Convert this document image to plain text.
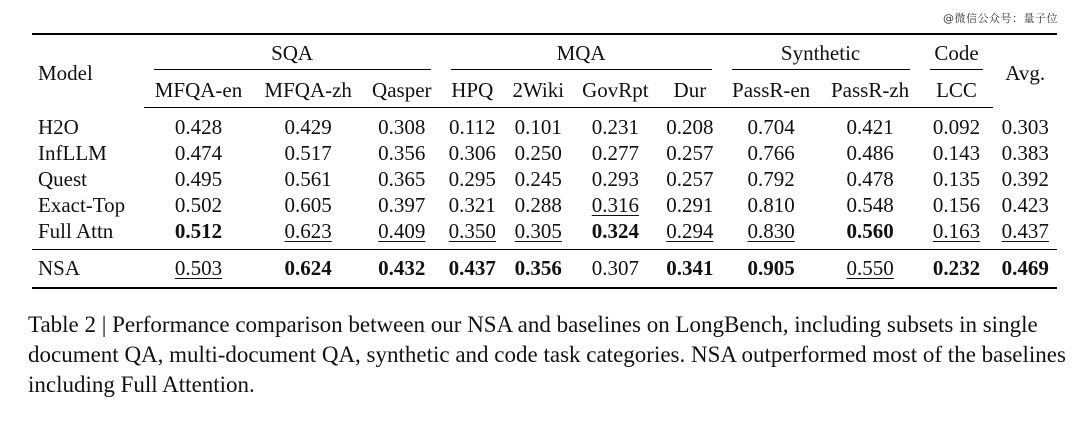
@微信公众号：量子位
Model	SQA			MQA				Synthetic		Code	Avg.
	MFQA-en	MFQA-zh	Qasper	HPQ	2Wiki	GovRpt	Dur	PassR-en	PassR-zh	LCC	
H2O	0.428	0.429	0.308	0.112	0.101	0.231	0.208	0.704	0.421	0.092	0.303
InfLLM	0.474	0.517	0.356	0.306	0.250	0.277	0.257	0.766	0.486	0.143	0.383
Quest	0.495	0.561	0.365	0.295	0.245	0.293	0.257	0.792	0.478	0.135	0.392
Exact-Top	0.502	0.605	0.397	0.321	0.288	0.316	0.291	0.810	0.548	0.156	0.423
Full Attn	0.512	0.623	0.409	0.350	0.305	0.324	0.294	0.830	0.560	0.163	0.437
NSA	0.503	0.624	0.432	0.437	0.356	0.307	0.341	0.905	0.550	0.232	0.469
Table 2 | Performance comparison between our NSA and baselines on LongBench, including subsets in single document QA, multi-document QA, synthetic and code task categories. NSA outperformed most of the baselines including Full Attention.
